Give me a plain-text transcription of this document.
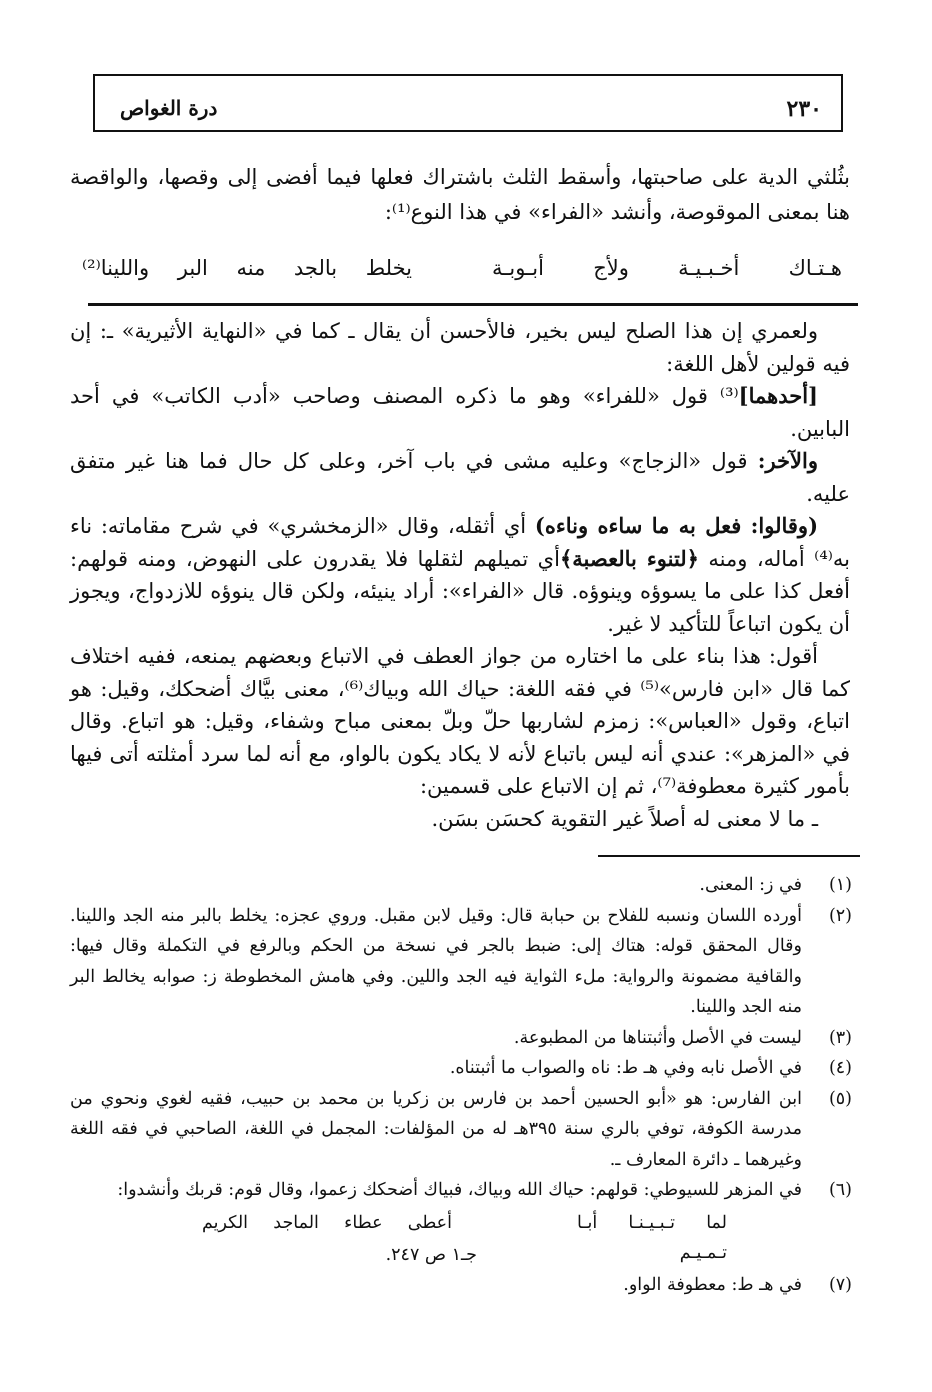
٢٣٠
درة الغواص

بثُلثي الدية على صاحبتها، وأسقط الثلث باشتراك فعلها فيما أفضى إلى وقصها، والواقصة هنا بمعنى الموقوصة، وأنشد «الفراء» في هذا النوع⁽¹⁾:

هـتـاك أخـبـيـة ولأج أبـوبـة
يخلط بالجد منه البر واللينا⁽²⁾

ولعمري إن هذا الصلح ليس بخير، فالأحسن أن يقال ـ كما في «النهاية الأثيرية» ـ: إن فيه قولين لأهل اللغة:

[أحدهما]⁽³⁾ قول «للفراء» وهو ما ذكره المصنف وصاحب «أدب الكاتب» في أحد البابين.

والآخر: قول «الزجاج» وعليه مشى في باب آخر، وعلى كل حال فما هنا غير متفق عليه.

(وقالوا: فعل به ما ساءه وناءه) أي أثقله، وقال «الزمخشري» في شرح مقاماته: ناء به⁽⁴⁾ أماله، ومنه ﴿لتنوء بالعصبة﴾أي تميلهم لثقلها فلا يقدرون على النهوض، ومنه قولهم: أفعل كذا على ما يسوؤه وينوؤه. قال «الفراء»: أراد ينيئه، ولكن قال ينوؤه للازدواج، ويجوز أن يكون اتباعاً للتأكيد لا غير.

أقول: هذا بناء على ما اختاره من جواز العطف في الاتباع وبعضهم يمنعه، ففيه اختلاف كما قال «ابن فارس»⁽⁵⁾ في فقه اللغة: حياك الله وبياك⁽⁶⁾، معنى بيَّاك أضحكك، وقيل: هو اتباع، وقول «العباس»: زمزم لشاربها حلّ وبلّ بمعنى مباح وشفاء، وقيل: هو اتباع. وقال في «المزهر»: عندي أنه ليس باتباع لأنه لا يكاد يكون بالواو، مع أنه لما سرد أمثلته أتى فيها بأمور كثيرة معطوفة⁽⁷⁾، ثم إن الاتباع على قسمين:

ـ ما لا معنى له أصلاً غير التقوية كحسَن بسَن.

(١)
في ز: المعنى.
(٢)
أورده اللسان ونسبه للفلاح بن حبابة قال: وقيل لابن مقبل. وروي عجزه: يخلط بالبر منه الجد واللينا. وقال المحقق قوله: هتاك إلى: ضبط بالجر في نسخة من الحكم وبالرفع في التكملة وقال فيها: والقافية مضمونة والرواية: ملء الثواية فيه الجد واللين. وفي هامش المخطوطة ز: صوابه يخالط البر منه الجد واللينا.
(٣)
ليست في الأصل وأثبتناها من المطبوعة.
(٤)
في الأصل نابه وفي هـ ط: ناه والصواب ما أثبتناه.
(٥)
ابن الفارس: هو «أبو الحسين أحمد بن فارس بن زكريا بن محمد بن حبيب، فقيه لغوي ونحوي من مدرسة الكوفة، توفي بالري سنة ٣٩٥هـ له من المؤلفات: المجمل في اللغة، الصاحبي في فقه اللغة وغيرهما ـ دائرة المعارف ـ.
(٦)
في المزهر للسيوطي: قولهم: حياك الله وبياك، فبياك أضحكك زعموا، وقال قوم: قربك وأنشدوا:
لما تـبـيـنـا أبـا تـمـيـم
أعطى عطاء الماجد الكريم
جـ١ ص ٢٤٧.
(٧)
في هـ ط: معطوفة الواو.
